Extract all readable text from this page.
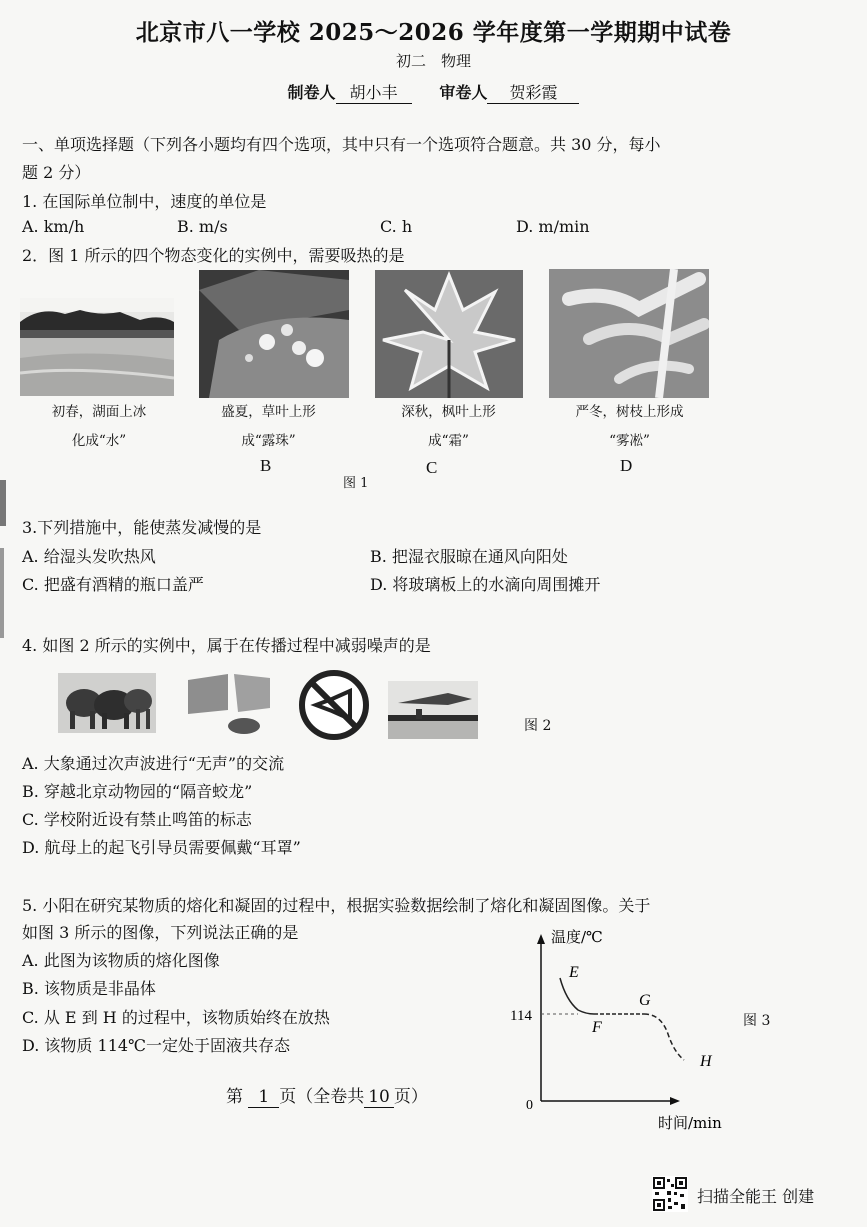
北京市八一学校 2025～2026 学年度第一学期期中试卷
初二　物理
制卷人 胡小丰	审卷人 贺彩霞
一、单项选择题（下列各小题均有四个选项，其中只有一个选项符合题意。共 30 分，每小
题 2 分）
1. 在国际单位制中，速度的单位是
A. km/h	B. m/s	C. h	D. m/min
2．图 1 所示的四个物态变化的实例中，需要吸热的是
初春，湖面上冰
化成“水”
盛夏，草叶上形
成“露珠”
深秋，枫叶上形
成“霜”
严冬，树枝上形成
“雾凇”
B	C	D
图 1
3.下列措施中，能使蒸发减慢的是
A. 给湿头发吹热风	B. 把湿衣服晾在通风向阳处
C. 把盛有酒精的瓶口盖严	D. 将玻璃板上的水滴向周围摊开
4. 如图 2 所示的实例中，属于在传播过程中减弱噪声的是
图 2
A. 大象通过次声波进行“无声”的交流
B. 穿越北京动物园的“隔音蛟龙”
C. 学校附近设有禁止鸣笛的标志
D. 航母上的起飞引导员需要佩戴“耳罩”
5. 小阳在研究某物质的熔化和凝固的过程中，根据实验数据绘制了熔化和凝固图像。关于
如图 3 所示的图像，下列说法正确的是
A. 此图为该物质的熔化图像
B. 该物质是非晶体
C. 从 E 到 H 的过程中，该物质始终在放热
D. 该物质 114℃一定处于固液共存态
温度/℃
时间/min
0
114
E
F
G
H
图 3
第 1 页（全卷共 10 页）
扫描全能王 创建
